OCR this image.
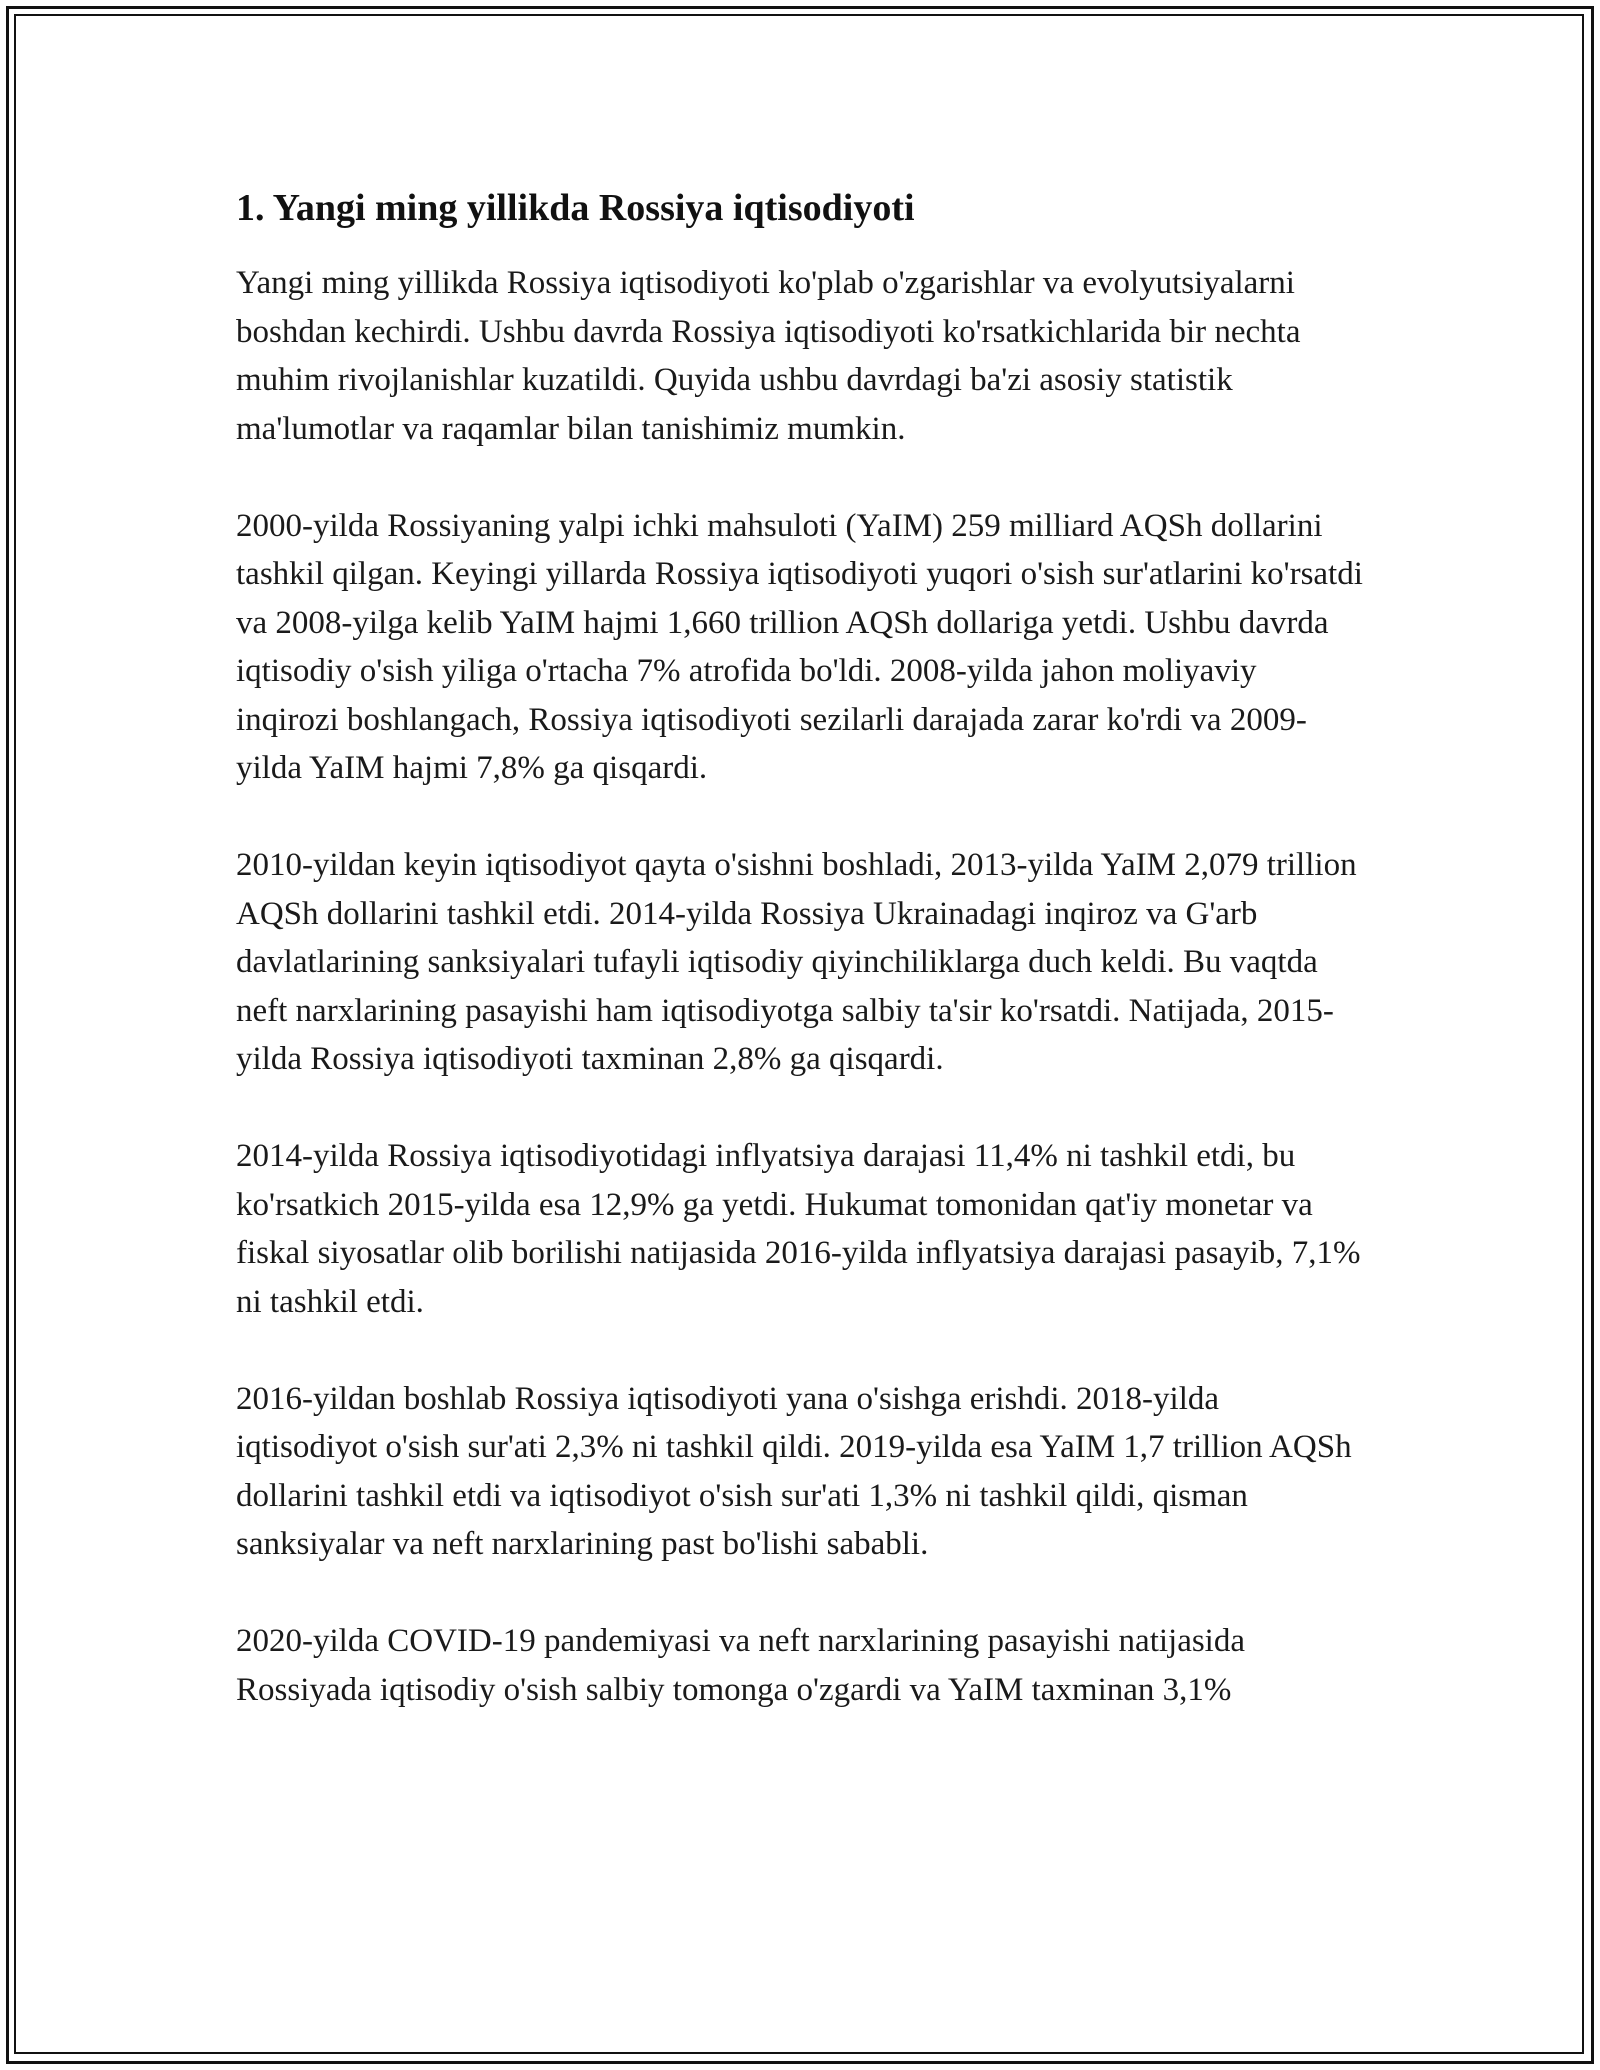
1. Yangi ming yillikda Rossiya iqtisodiyoti

Yangi ming yillikda Rossiya iqtisodiyoti ko'plab o'zgarishlar va evolyutsiyalarni boshdan kechirdi. Ushbu davrda Rossiya iqtisodiyoti ko'rsatkichlarida bir nechta muhim rivojlanishlar kuzatildi. Quyida ushbu davrdagi ba'zi asosiy statistik ma'lumotlar va raqamlar bilan tanishimiz mumkin.

2000-yilda Rossiyaning yalpi ichki mahsuloti (YaIM) 259 milliard AQSh dollarini tashkil qilgan. Keyingi yillarda Rossiya iqtisodiyoti yuqori o'sish sur'atlarini ko'rsatdi va 2008-yilga kelib YaIM hajmi 1,660 trillion AQSh dollariga yetdi. Ushbu davrda iqtisodiy o'sish yiliga o'rtacha 7% atrofida bo'ldi. 2008-yilda jahon moliyaviy inqirozi boshlangach, Rossiya iqtisodiyoti sezilarli darajada zarar ko'rdi va 2009-yilda YaIM hajmi 7,8% ga qisqardi.

2010-yildan keyin iqtisodiyot qayta o'sishni boshladi, 2013-yilda YaIM 2,079 trillion AQSh dollarini tashkil etdi. 2014-yilda Rossiya Ukrainadagi inqiroz va G'arb davlatlarining sanksiyalari tufayli iqtisodiy qiyinchiliklarga duch keldi. Bu vaqtda neft narxlarining pasayishi ham iqtisodiyotga salbiy ta'sir ko'rsatdi. Natijada, 2015-yilda Rossiya iqtisodiyoti taxminan 2,8% ga qisqardi.

2014-yilda Rossiya iqtisodiyotidagi inflyatsiya darajasi 11,4% ni tashkil etdi, bu ko'rsatkich 2015-yilda esa 12,9% ga yetdi. Hukumat tomonidan qat'iy monetar va fiskal siyosatlar olib borilishi natijasida 2016-yilda inflyatsiya darajasi pasayib, 7,1% ni tashkil etdi.

2016-yildan boshlab Rossiya iqtisodiyoti yana o'sishga erishdi. 2018-yilda iqtisodiyot o'sish sur'ati 2,3% ni tashkil qildi. 2019-yilda esa YaIM 1,7 trillion AQSh dollarini tashkil etdi va iqtisodiyot o'sish sur'ati 1,3% ni tashkil qildi, qisman sanksiyalar va neft narxlarining past bo'lishi sababli.

2020-yilda COVID-19 pandemiyasi va neft narxlarining pasayishi natijasida Rossiyada iqtisodiy o'sish salbiy tomonga o'zgardi va YaIM taxminan 3,1%
